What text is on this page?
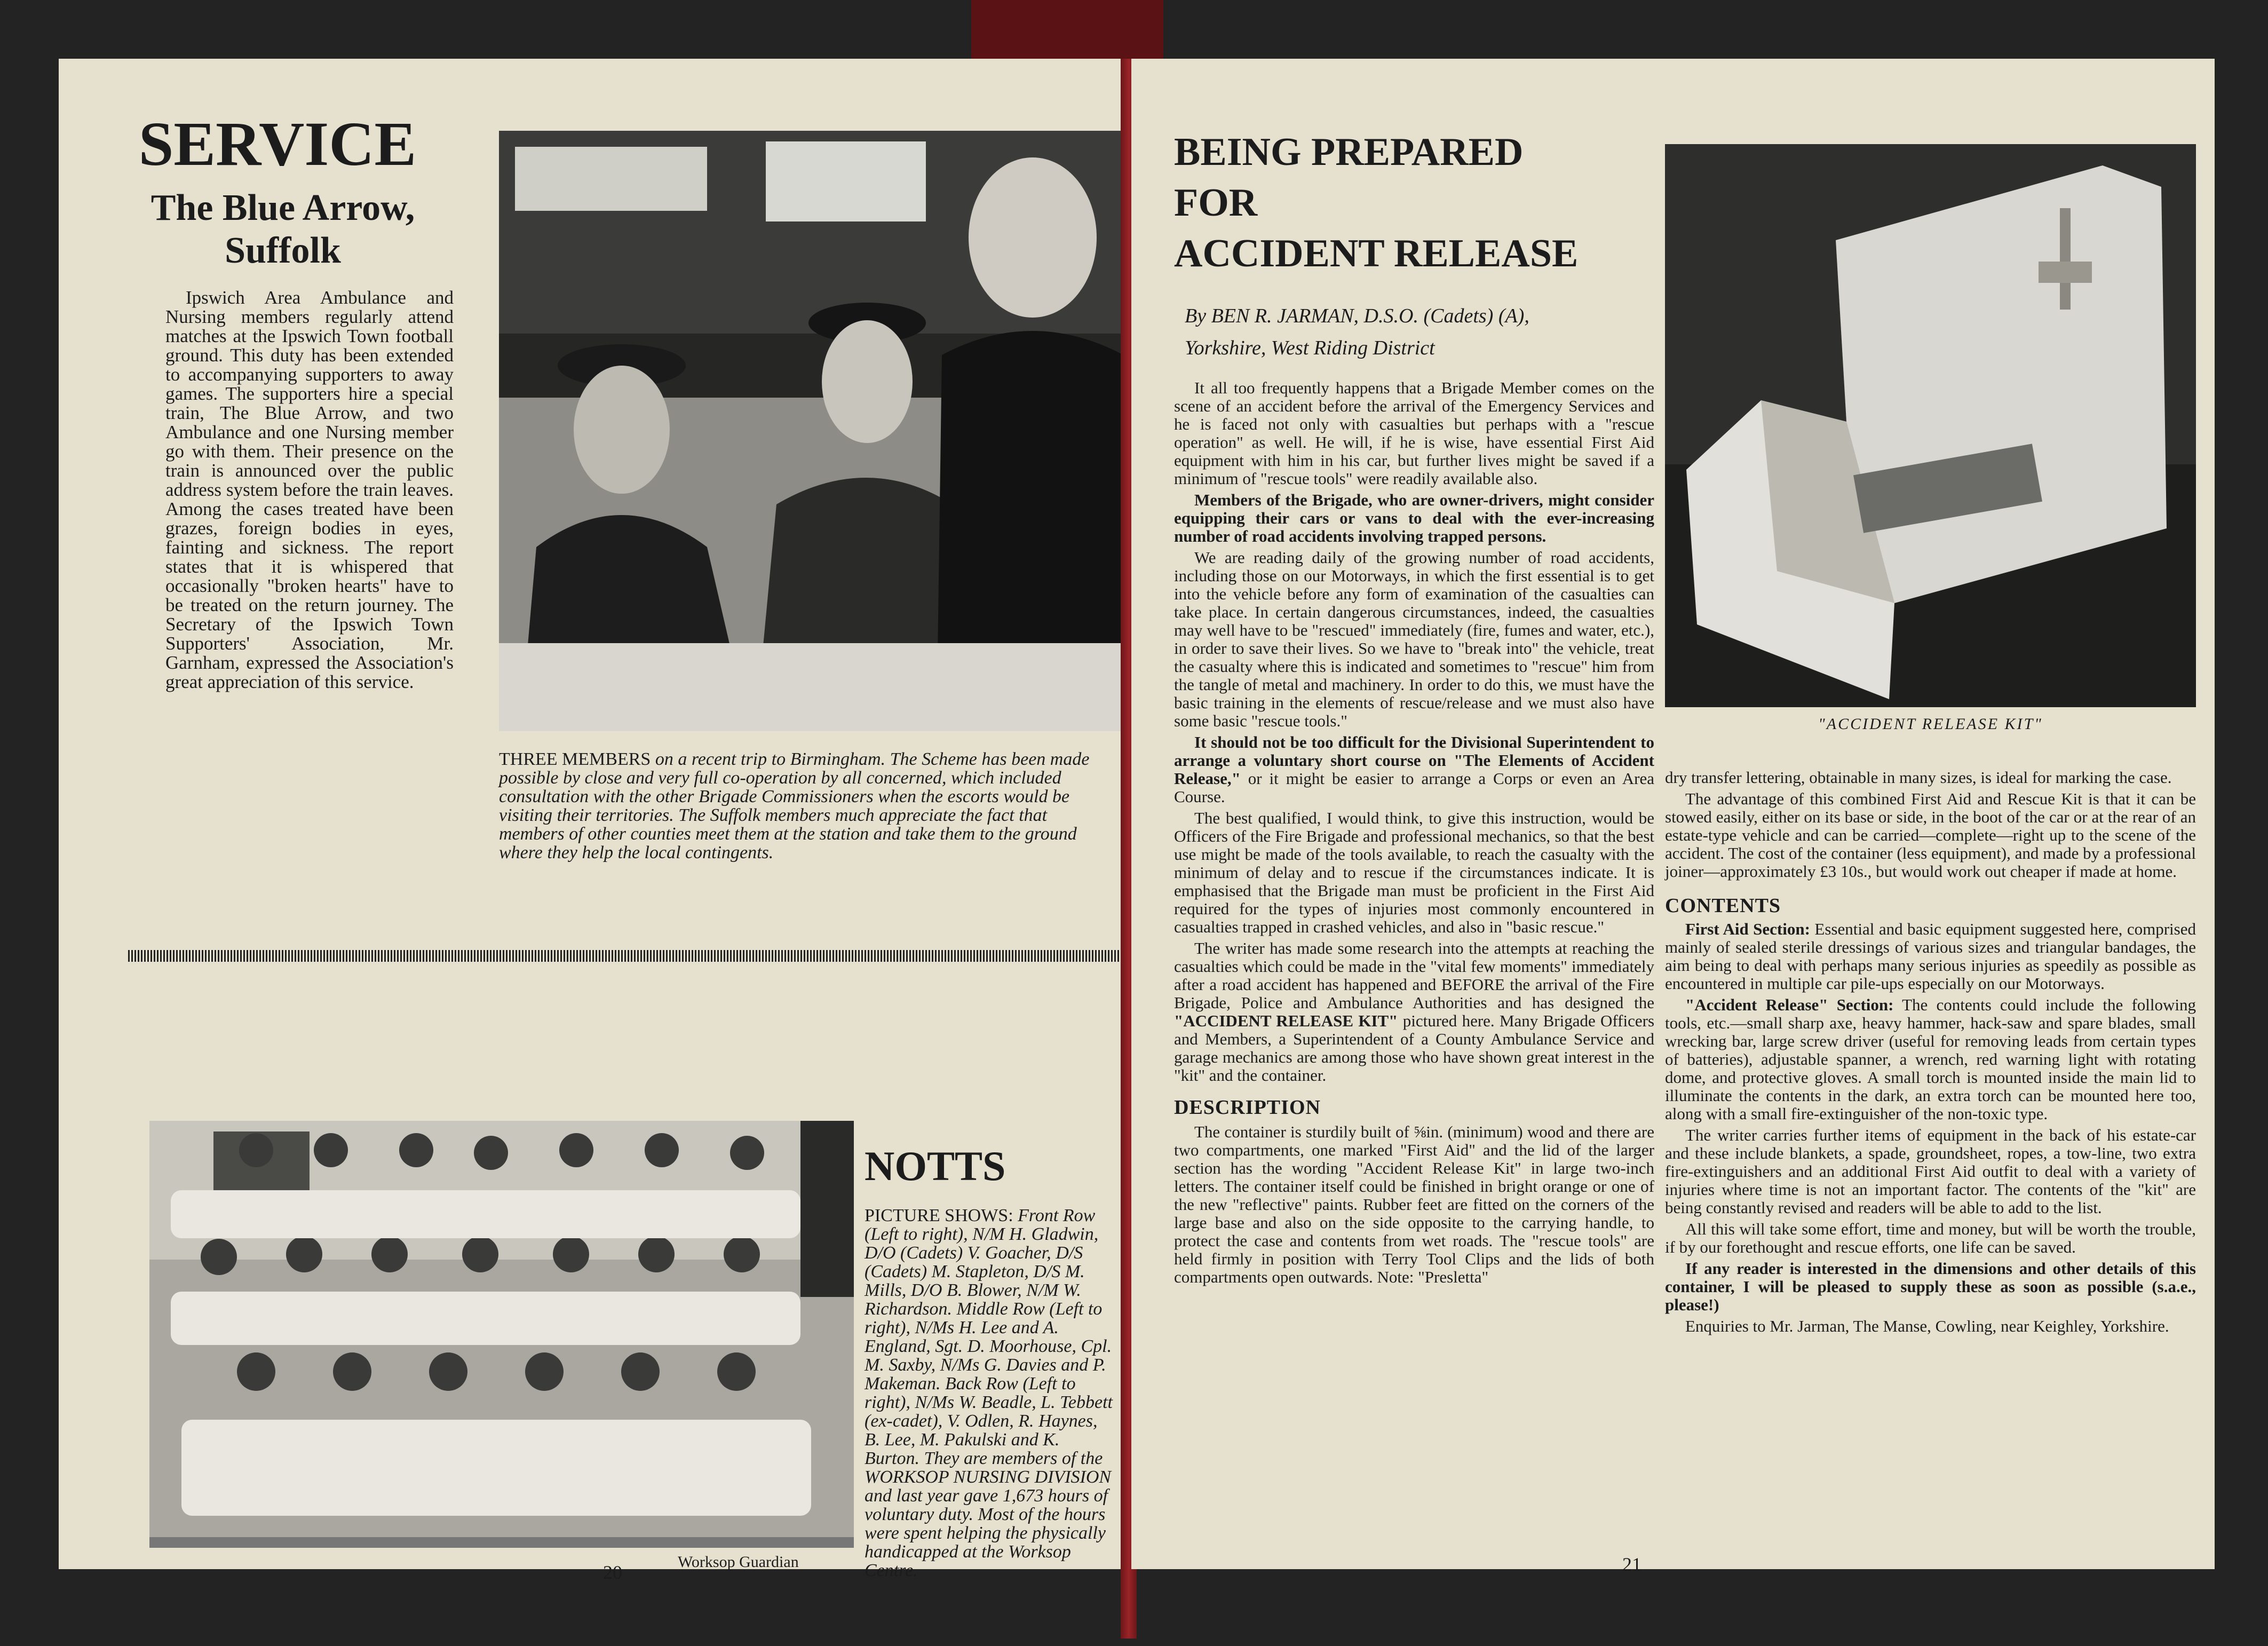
SERVICE
The Blue Arrow, Suffolk

Ipswich Area Ambulance and Nursing members regularly attend matches at the Ipswich Town football ground. This duty has been extended to accompanying supporters to away games. The supporters hire a special train, The Blue Arrow, and two Ambulance and one Nursing member go with them. Their presence on the train is announced over the public address system before the train leaves. Among the cases treated have been grazes, foreign bodies in eyes, fainting and sickness. The report states that it is whispered that occasionally "broken hearts" have to be treated on the return journey. The Secretary of the Ipswich Town Supporters' Association, Mr. Garnham, expressed the Association's great appreciation of this service.

THREE MEMBERS on a recent trip to Birmingham. The Scheme has been made possible by close and very full co-operation by all concerned, which included consultation with the other Brigade Commissioners when the escorts would be visiting their territories. The Suffolk members much appreciate the fact that members of other counties meet them at the station and take them to the ground where they help the local contingents.
NOTTS
PICTURE SHOWS: Front Row (Left to right), N/M H. Gladwin, D/O (Cadets) V. Goacher, D/S (Cadets) M. Stapleton, D/S M. Mills, D/O B. Blower, N/M W. Richardson. Middle Row (Left to right), N/Ms H. Lee and A. England, Sgt. D. Moorhouse, Cpl. M. Saxby, N/Ms G. Davies and P. Makeman. Back Row (Left to right), N/Ms W. Beadle, L. Tebbett (ex-cadet), V. Odlen, R. Haynes, B. Lee, M. Pakulski and K. Burton. They are members of the WORKSOP NURSING DIVISION and last year gave 1,673 hours of voluntary duty. Most of the hours were spent helping the physically handicapped at the Worksop Centre.
20	Worksop Guardian
BEING PREPARED
FOR
ACCIDENT RELEASE
By BEN R. JARMAN, D.S.O. (Cadets) (A),
Yorkshire, West Riding District

It all too frequently happens that a Brigade Member comes on the scene of an accident before the arrival of the Emergency Services and he is faced not only with casualties but perhaps with a "rescue operation" as well. He will, if he is wise, have essential First Aid equipment with him in his car, but further lives might be saved if a minimum of "rescue tools" were readily available also.

Members of the Brigade, who are owner-drivers, might consider equipping their cars or vans to deal with the ever-increasing number of road accidents involving trapped persons.

We are reading daily of the growing number of road accidents, including those on our Motorways, in which the first essential is to get into the vehicle before any form of examination of the casualties can take place. In certain dangerous circumstances, indeed, the casualties may well have to be "rescued" immediately (fire, fumes and water, etc.), in order to save their lives. So we have to "break into" the vehicle, treat the casualty where this is indicated and sometimes to "rescue" him from the tangle of metal and machinery. In order to do this, we must have the basic training in the elements of rescue/release and we must also have some basic "rescue tools."

It should not be too difficult for the Divisional Superintendent to arrange a voluntary short course on "The Elements of Accident Release," or it might be easier to arrange a Corps or even an Area Course.

The best qualified, I would think, to give this instruction, would be Officers of the Fire Brigade and professional mechanics, so that the best use might be made of the tools available, to reach the casualty with the minimum of delay and to rescue if the circumstances indicate. It is emphasised that the Brigade man must be proficient in the First Aid required for the types of injuries most commonly encountered in casualties trapped in crashed vehicles, and also in "basic rescue."

The writer has made some research into the attempts at reaching the casualties which could be made in the "vital few moments" immediately after a road accident has happened and BEFORE the arrival of the Fire Brigade, Police and Ambulance Authorities and has designed the "ACCIDENT RELEASE KIT" pictured here. Many Brigade Officers and Members, a Superintendent of a County Ambulance Service and garage mechanics are among those who have shown great interest in the "kit" and the container.

DESCRIPTION

The container is sturdily built of ⅝in. (minimum) wood and there are two compartments, one marked "First Aid" and the lid of the larger section has the wording "Accident Release Kit" in large two-inch letters. The container itself could be finished in bright orange or one of the new "reflective" paints. Rubber feet are fitted on the corners of the large base and also on the side opposite to the carrying handle, to protect the case and contents from wet roads. The "rescue tools" are held firmly in position with Terry Tool Clips and the lids of both compartments open outwards. Note: "Presletta"

21
"ACCIDENT RELEASE KIT"

dry transfer lettering, obtainable in many sizes, is ideal for marking the case.

The advantage of this combined First Aid and Rescue Kit is that it can be stowed easily, either on its base or side, in the boot of the car or at the rear of an estate-type vehicle and can be carried—complete—right up to the scene of the accident. The cost of the container (less equipment), and made by a professional joiner—approximately £3 10s., but would work out cheaper if made at home.

CONTENTS

First Aid Section: Essential and basic equipment suggested here, comprised mainly of sealed sterile dressings of various sizes and triangular bandages, the aim being to deal with perhaps many serious injuries as speedily as possible as encountered in multiple car pile-ups especially on our Motorways.

"Accident Release" Section: The contents could include the following tools, etc.—small sharp axe, heavy hammer, hack-saw and spare blades, small wrecking bar, large screw driver (useful for removing leads from certain types of batteries), adjustable spanner, a wrench, red warning light with rotating dome, and protective gloves. A small torch is mounted inside the main lid to illuminate the contents in the dark, an extra torch can be mounted here too, along with a small fire-extinguisher of the non-toxic type.

The writer carries further items of equipment in the back of his estate-car and these include blankets, a spade, groundsheet, ropes, a tow-line, two extra fire-extinguishers and an additional First Aid outfit to deal with a variety of injuries where time is not an important factor. The contents of the "kit" are being constantly revised and readers will be able to add to the list.

All this will take some effort, time and money, but will be worth the trouble, if by our forethought and rescue efforts, one life can be saved.

If any reader is interested in the dimensions and other details of this container, I will be pleased to supply these as soon as possible (s.a.e., please!)

Enquiries to Mr. Jarman, The Manse, Cowling, near Keighley, Yorkshire.
